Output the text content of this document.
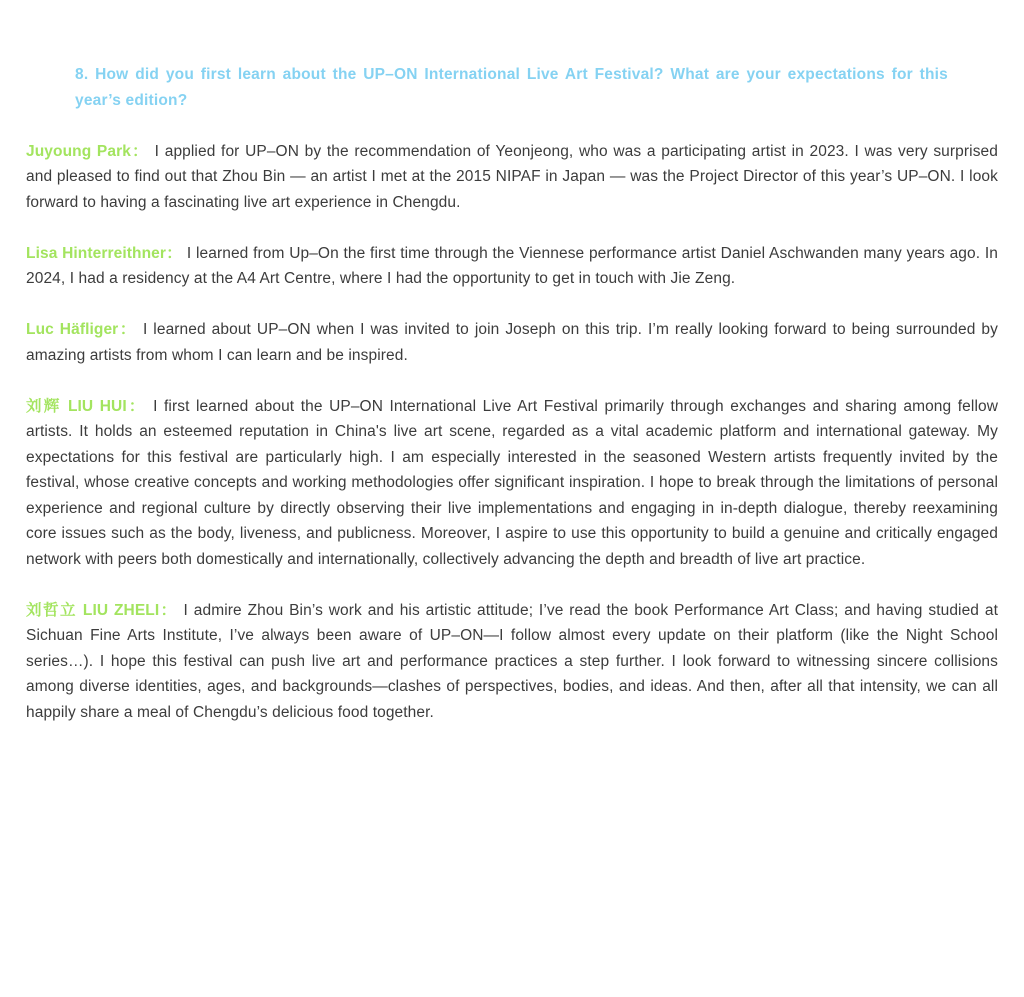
8. How did you first learn about the UP–ON International Live Art Festival? What are your expectations for this year’s edition?

Juyoung Park： I applied for UP–ON by the recommendation of Yeonjeong, who was a participating artist in 2023. I was very surprised and pleased to find out that Zhou Bin — an artist I met at the 2015 NIPAF in Japan — was the Project Director of this year’s UP–ON. I look forward to having a fascinating live art experience in Chengdu.

Lisa Hinterreithner： I learned from Up–On the first time through the Viennese performance artist Daniel Aschwanden many years ago. In 2024, I had a residency at the A4 Art Centre, where I had the opportunity to get in touch with Jie Zeng.

Luc Häfliger： I learned about UP–ON when I was invited to join Joseph on this trip. I’m really looking forward to being surrounded by amazing artists from whom I can learn and be inspired.

刘辉 LIU HUI： I first learned about the UP–ON International Live Art Festival primarily through exchanges and sharing among fellow artists. It holds an esteemed reputation in China's live art scene, regarded as a vital academic platform and international gateway. My expectations for this festival are particularly high. I am especially interested in the seasoned Western artists frequently invited by the festival, whose creative concepts and working methodologies offer significant inspiration. I hope to break through the limitations of personal experience and regional culture by directly observing their live implementations and engaging in in-depth dialogue, thereby reexamining core issues such as the body, liveness, and publicness. Moreover, I aspire to use this opportunity to build a genuine and critically engaged network with peers both domestically and internationally, collectively advancing the depth and breadth of live art practice.

刘哲立 LIU ZHELI： I admire Zhou Bin’s work and his artistic attitude; I’ve read the book Performance Art Class; and having studied at Sichuan Fine Arts Institute, I’ve always been aware of UP–ON—I follow almost every update on their platform (like the Night School series…). I hope this festival can push live art and performance practices a step further. I look forward to witnessing sincere collisions among diverse identities, ages, and backgrounds—clashes of perspectives, bodies, and ideas. And then, after all that intensity, we can all happily share a meal of Chengdu’s delicious food together.
